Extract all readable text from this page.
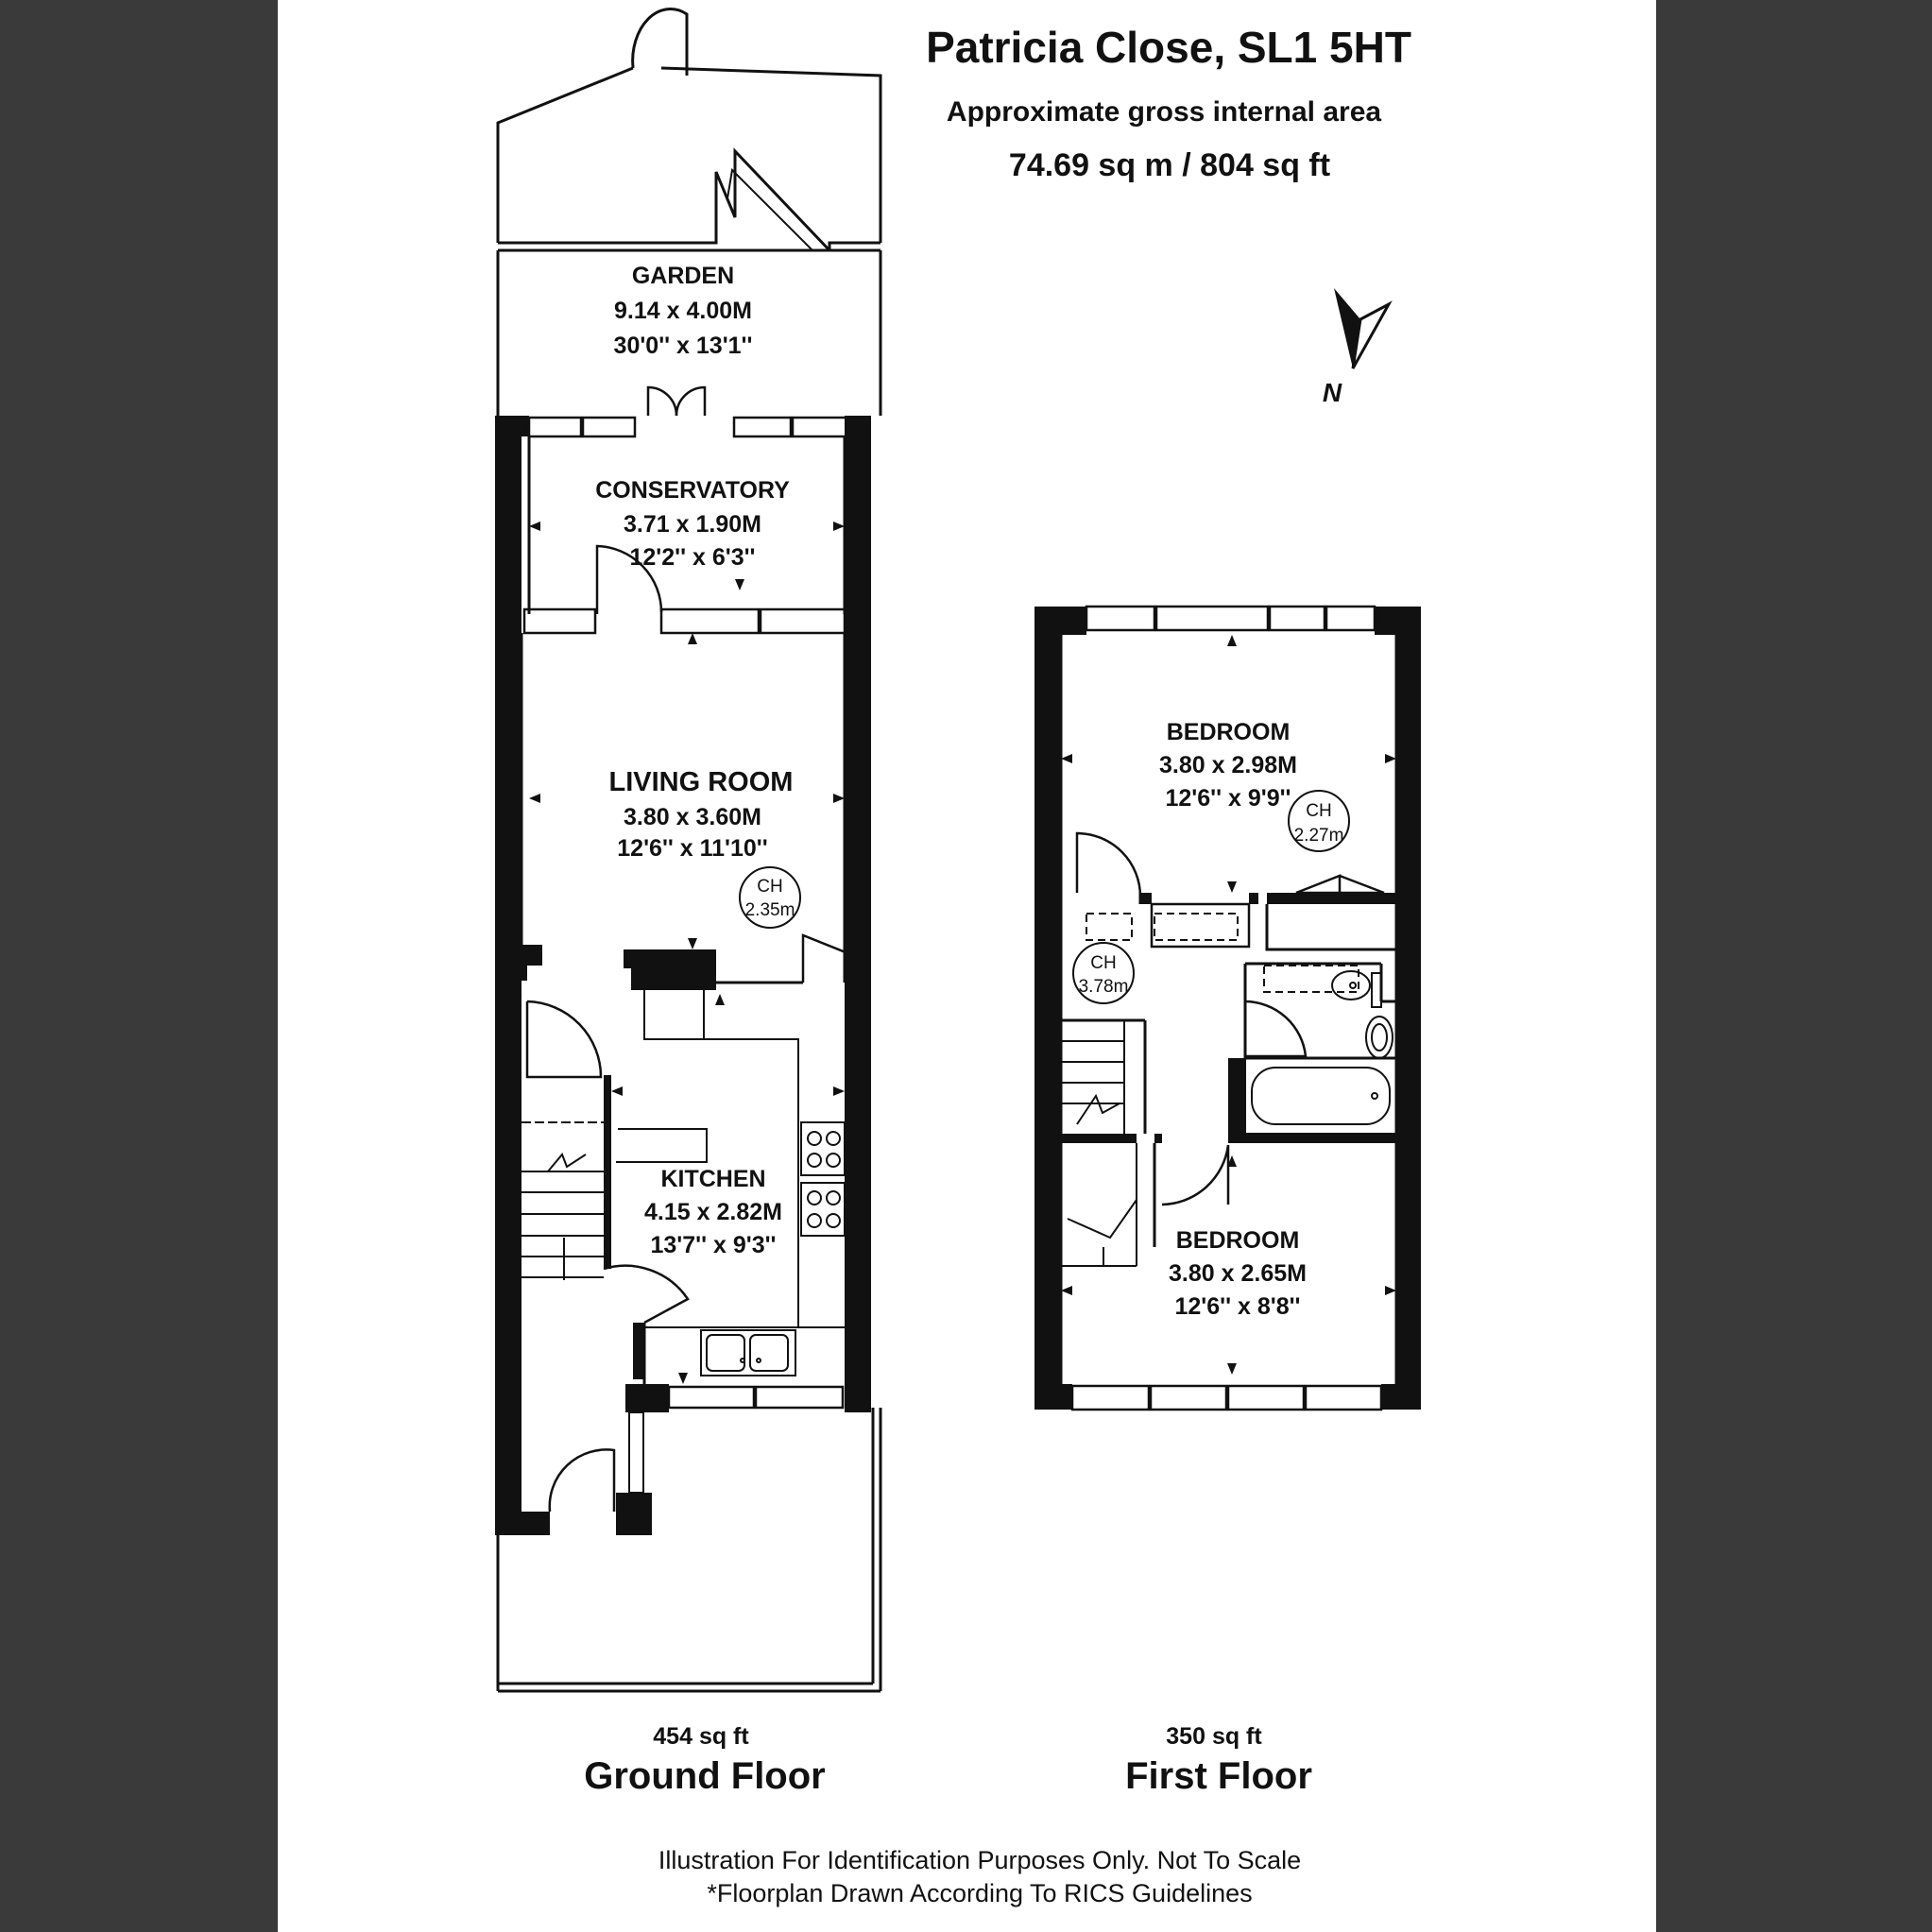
Patricia Close, SL1 5HT
Approximate gross internal area
74.69 sq m / 804 sq ft
N
GARDEN
9.14 x 4.00M
30'0'' x 13'1''
CONSERVATORY
3.71 x 1.90M
12'2'' x 6'3''
LIVING ROOM
3.80 x 3.60M
12'6'' x 11'10''
CH
2.35m
KITCHEN
4.15 x 2.82M
13'7'' x 9'3''
BEDROOM
3.80 x 2.98M
12'6'' x 9'9'' CH
2.27m
CH
3.78m
BEDROOM
3.80 x 2.65M
12'6'' x 8'8''
454 sq ft
Ground Floor
350 sq ft
First Floor
Illustration For Identification Purposes Only. Not To Scale
*Floorplan Drawn According To RICS Guidelines
